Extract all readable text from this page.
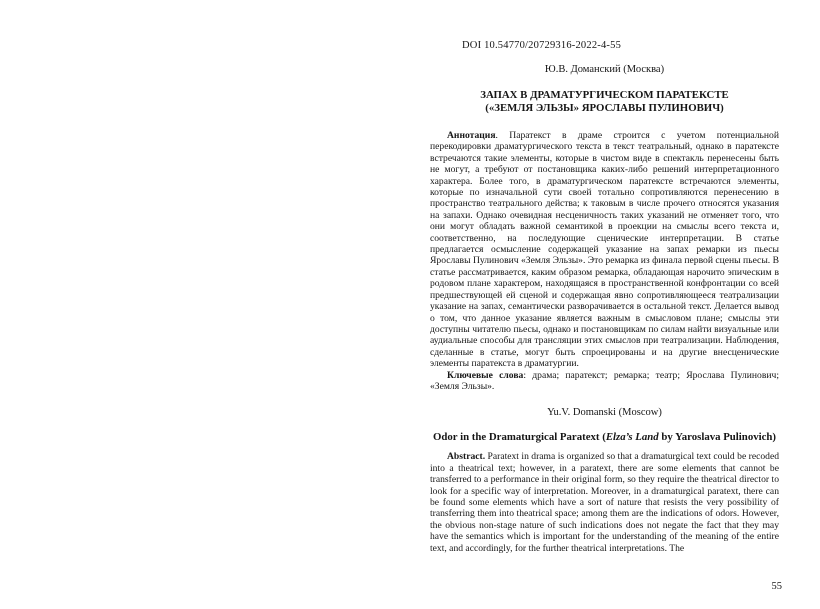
DOI 10.54770/20729316-2022-4-55

Ю.В. Доманский (Москва)

ЗАПАХ В ДРАМАТУРГИЧЕСКОМ ПАРАТЕКСТЕ
(«ЗЕМЛЯ ЭЛЬЗЫ» ЯРОСЛАВЫ ПУЛИНОВИЧ)

Аннотация. Паратекст в драме строится с учетом потенциальной перекодировки драматургического текста в текст театральный, однако в паратексте встречаются такие элементы, которые в чистом виде в спектакль перенесены быть не могут, а требуют от постановщика каких-либо решений интерпретационного характера. Более того, в драматургическом паратексте встречаются элементы, которые по изначальной сути своей тотально сопротивляются перенесению в пространство театрального действа; к таковым в числе прочего относятся указания на запахи. Однако очевидная несценичность таких указаний не отменяет того, что они могут обладать важной семантикой в проекции на смыслы всего текста и, соответственно, на последующие сценические интерпретации. В статье предлагается осмысление содержащей указание на запах ремарки из пьесы Ярославы Пулинович «Земля Эльзы». Это ремарка из финала первой сцены пьесы. В статье рассматривается, каким образом ремарка, обладающая нарочито эпическим в родовом плане характером, находящаяся в пространственной конфронтации со всей предшествующей ей сценой и содержащая явно сопротивляющееся театрализации указание на запах, семантически разворачивается в остальной текст. Делается вывод о том, что данное указание является важным в смысловом плане; смыслы эти доступны читателю пьесы, однако и постановщикам по силам найти визуальные или аудиальные способы для трансляции этих смыслов при театрализации. Наблюдения, сделанные в статье, могут быть спроецированы и на другие внесценические элементы паратекста в драматургии.

Ключевые слова: драма; паратекст; ремарка; театр; Ярослава Пулинович; «Земля Эльзы».

Yu.V. Domanski (Moscow)

Odor in the Dramaturgical Paratext (Elza’s Land by Yaroslava Pulinovich)

Abstract. Paratext in drama is organized so that a dramaturgical text could be recoded into a theatrical text; however, in a paratext, there are some elements that cannot be transferred to a performance in their original form, so they require the theatrical director to look for a specific way of interpretation. Moreover, in a dramaturgical paratext, there can be found some elements which have a sort of nature that resists the very possibility of transferring them into theatrical space; among them are the indications of odors. However, the obvious non-stage nature of such indications does not negate the fact that they may have the semantics which is important for the understanding of the meaning of the entire text, and accordingly, for the further theatrical interpretations. The

55
